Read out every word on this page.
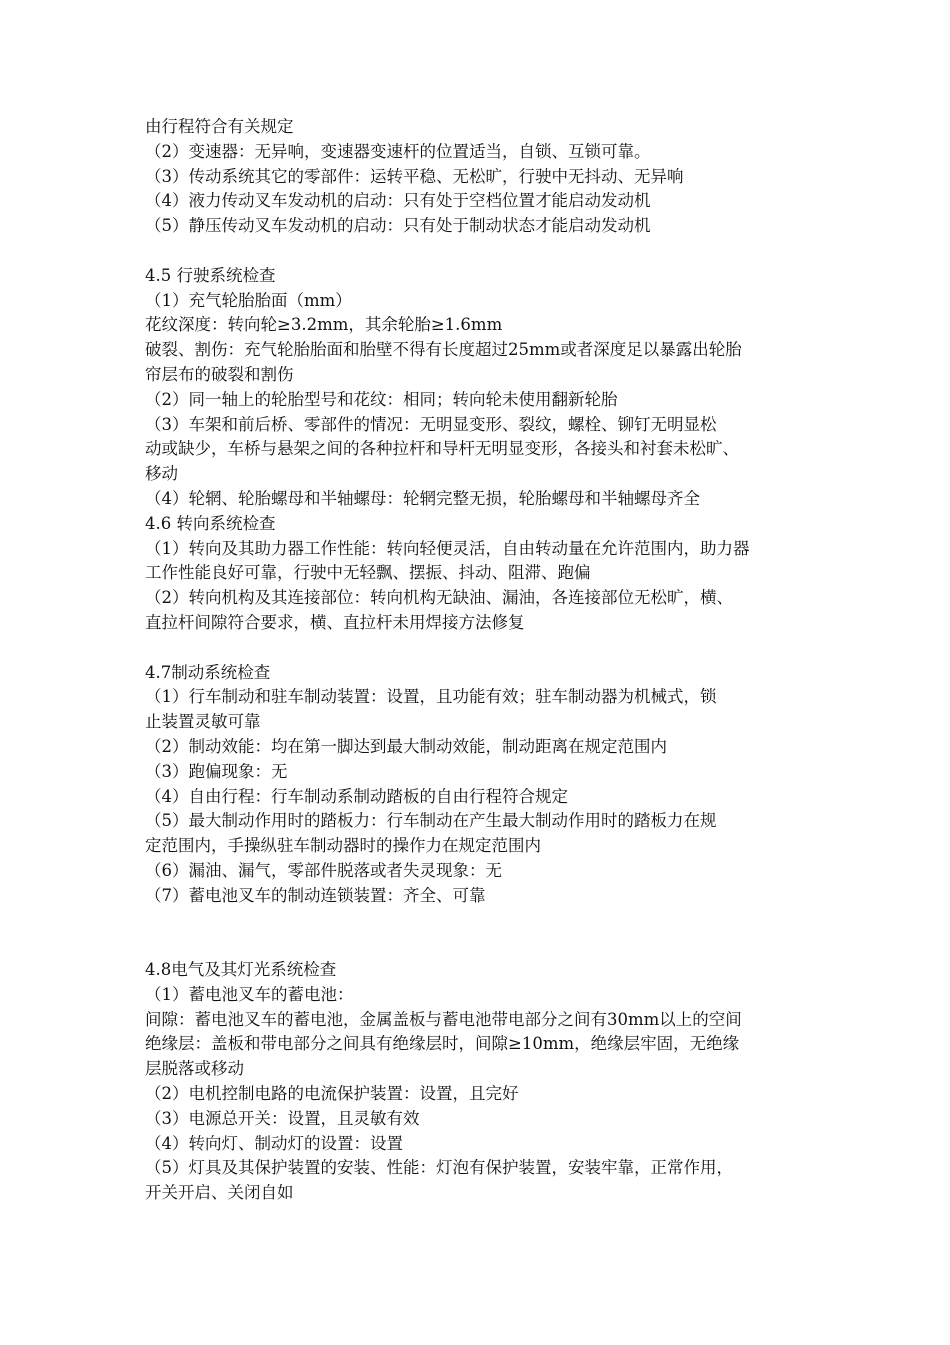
由行程符合有关规定
（2）变速器：无异响，变速器变速杆的位置适当，自锁、互锁可靠。
（3）传动系统其它的零部件：运转平稳、无松旷，行驶中无抖动、无异响
（4）液力传动叉车发动机的启动：只有处于空档位置才能启动发动机
（5）静压传动叉车发动机的启动：只有处于制动状态才能启动发动机
4.5 行驶系统检查
（1）充气轮胎胎面（mm）
花纹深度：转向轮≥3.2mm，其余轮胎≥1.6mm
破裂、割伤：充气轮胎胎面和胎壁不得有长度超过25mm或者深度足以暴露出轮胎
帘层布的破裂和割伤
（2）同一轴上的轮胎型号和花纹：相同；转向轮未使用翻新轮胎
（3）车架和前后桥、零部件的情况：无明显变形、裂纹，螺栓、铆钉无明显松
动或缺少，车桥与悬架之间的各种拉杆和导杆无明显变形，各接头和衬套未松旷、
移动
（4）轮辋、轮胎螺母和半轴螺母：轮辋完整无损，轮胎螺母和半轴螺母齐全
4.6 转向系统检查
（1）转向及其助力器工作性能：转向轻便灵活，自由转动量在允许范围内，助力器
工作性能良好可靠，行驶中无轻飘、摆振、抖动、阻滞、跑偏
（2）转向机构及其连接部位：转向机构无缺油、漏油，各连接部位无松旷，横、
直拉杆间隙符合要求，横、直拉杆未用焊接方法修复
4.7制动系统检查
（1）行车制动和驻车制动装置：设置，且功能有效；驻车制动器为机械式，锁
止装置灵敏可靠
（2）制动效能：均在第一脚达到最大制动效能，制动距离在规定范围内
（3）跑偏现象：无
（4）自由行程：行车制动系制动踏板的自由行程符合规定
（5）最大制动作用时的踏板力：行车制动在产生最大制动作用时的踏板力在规
定范围内，手操纵驻车制动器时的操作力在规定范围内
（6）漏油、漏气，零部件脱落或者失灵现象：无
（7）蓄电池叉车的制动连锁装置：齐全、可靠
4.8电气及其灯光系统检查
（1）蓄电池叉车的蓄电池：
间隙：蓄电池叉车的蓄电池，金属盖板与蓄电池带电部分之间有30mm以上的空间
绝缘层：盖板和带电部分之间具有绝缘层时，间隙≥10mm，绝缘层牢固，无绝缘
层脱落或移动
（2）电机控制电路的电流保护装置：设置，且完好
（3）电源总开关：设置，且灵敏有效
（4）转向灯、制动灯的设置：设置
（5）灯具及其保护装置的安装、性能：灯泡有保护装置，安装牢靠，正常作用，
开关开启、关闭自如
